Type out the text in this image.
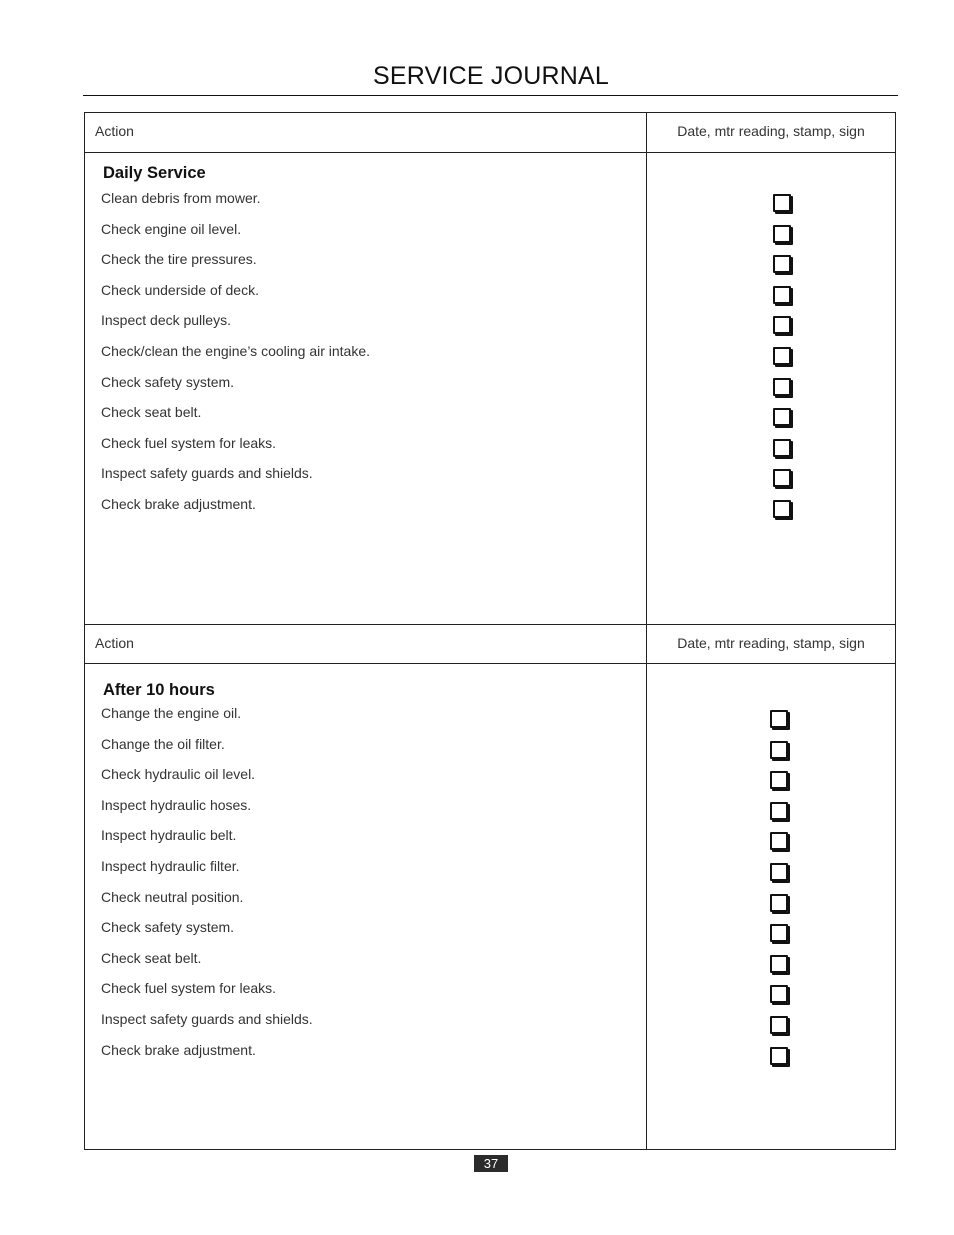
SERVICE JOURNAL
Action	Date, mtr reading, stamp, sign
Daily Service
Clean debris from mower.
Check engine oil level.
Check the tire pressures.
Check underside of deck.
Inspect deck pulleys.
Check/clean the engine’s cooling air intake.
Check safety system.
Check seat belt.
Check fuel system for leaks.
Inspect safety guards and shields.
Check brake adjustment.
Action	Date, mtr reading, stamp, sign
After 10 hours
Change the engine oil.
Change the oil filter.
Check hydraulic oil level.
Inspect hydraulic hoses.
Inspect hydraulic belt.
Inspect hydraulic filter.
Check neutral position.
Check safety system.
Check seat belt.
Check fuel system for leaks.
Inspect safety guards and shields.
Check brake adjustment.
37
